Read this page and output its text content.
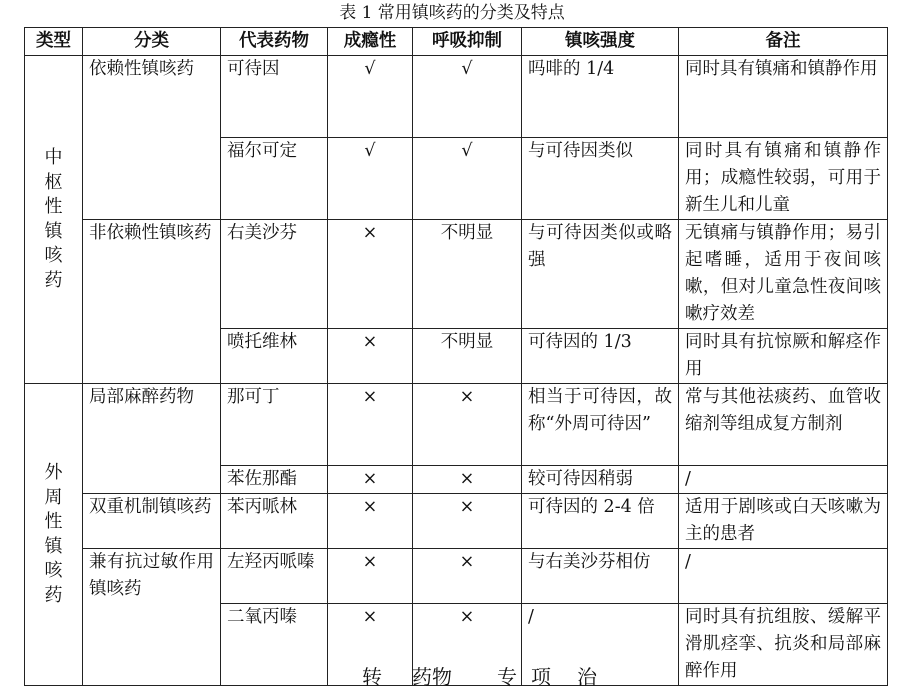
表 1 常用镇咳药的分类及特点
类型	分类	代表药物	成瘾性	呼吸抑制	镇咳强度	备注

中枢性镇咳药	依赖性镇咳药	可待因	√	√	吗啡的 1/4	同时具有镇痛和镇静作用
		福尔可定	√	√	与可待因类似	同时具有镇痛和镇静作用；成瘾性较弱，可用于新生儿和儿童
	非依赖性镇咳药	右美沙芬	×	不明显	与可待因类似或略强	无镇痛与镇静作用；易引起嗜睡，适用于夜间咳嗽，但对儿童急性夜间咳嗽疗效差
		喷托维林	×	不明显	可待因的 1/3	同时具有抗惊厥和解痉作用

外周性镇咳药	局部麻醉药物	那可丁	×	×	相当于可待因，故称“外周可待因”	常与其他祛痰药、血管收缩剂等组成复方制剂
		苯佐那酯	×	×	较可待因稍弱	/
	双重机制镇咳药	苯丙哌林	×	×	可待因的 2-4 倍	适用于剧咳或白天咳嗽为主的患者
	兼有抗过敏作用镇咳药	左羟丙哌嗪	×	×	与右美沙芬相仿	/
		二氧丙嗪	×	×	/	同时具有抗组胺、缓解平滑肌痉挛、抗炎和局部麻醉作用
转 药物 专 项 治
